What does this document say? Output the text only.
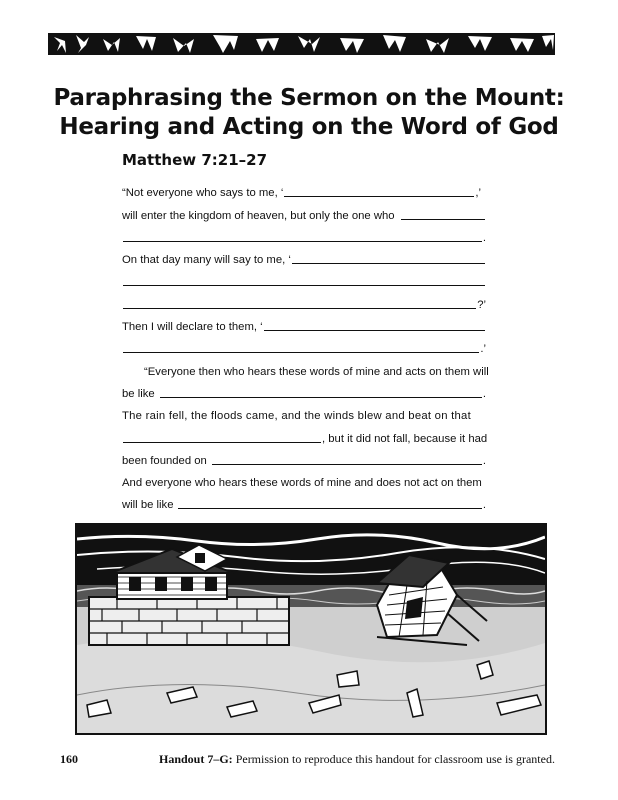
Paraphrasing the Sermon on the Mount:
Hearing and Acting on the Word of God
Matthew 7:21–27
“Not everyone who says to me, ‘	,’
will enter the kingdom of heaven, but only the one who
.
On that day many will say to me, ‘
?’
Then I will declare to them, ‘
.’
“Everyone then who hears these words of mine and acts on them will
be like	.
The rain fell, the floods came, and the winds blew and beat on that
, but it did not fall, because it had
been founded on	.
And everyone who hears these words of mine and does not act on them
will be like	.
160	Handout 7–G: Permission to reproduce this handout for classroom use is granted.
